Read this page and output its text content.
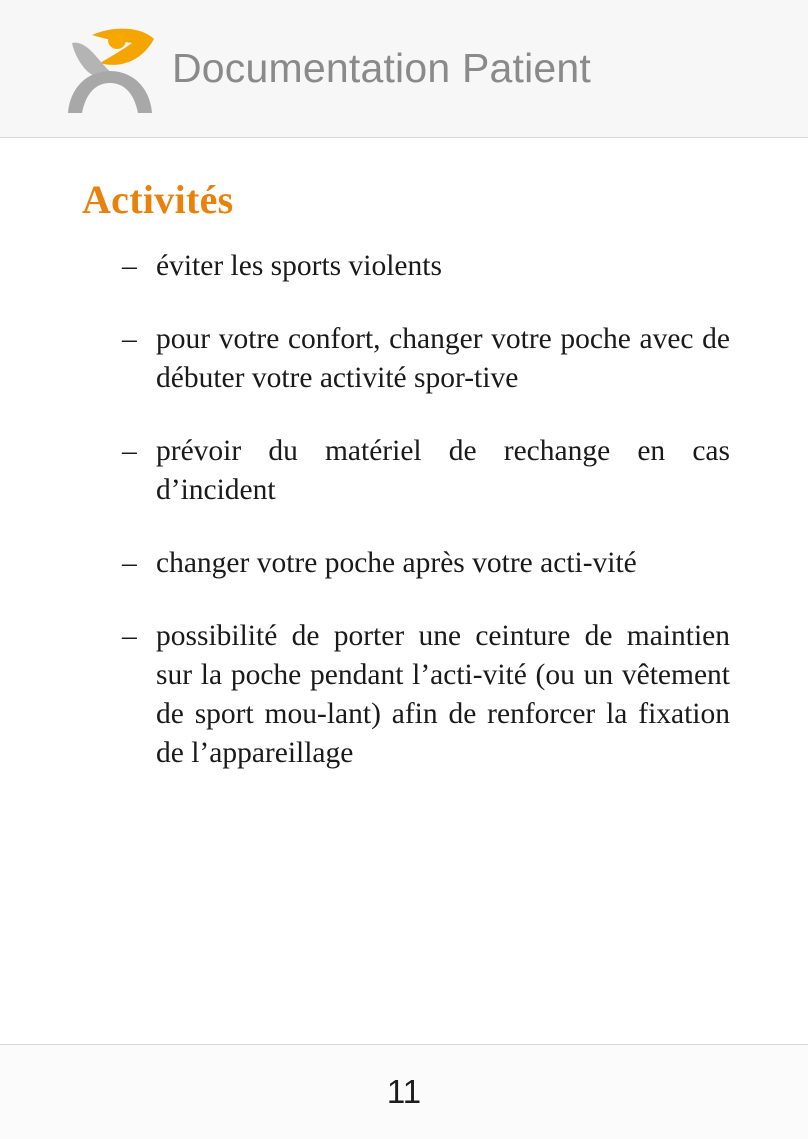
Documentation Patient
Activités
– éviter les sports violents
– pour votre confort, changer votre poche avec de débuter votre activité spor-tive
– prévoir du matériel de rechange en cas d’incident
– changer votre poche après votre acti-vité
– possibilité de porter une ceinture de maintien sur la poche pendant l’acti-vité (ou un vêtement de sport mou-lant) afin de renforcer la fixation de l’appareillage
11
